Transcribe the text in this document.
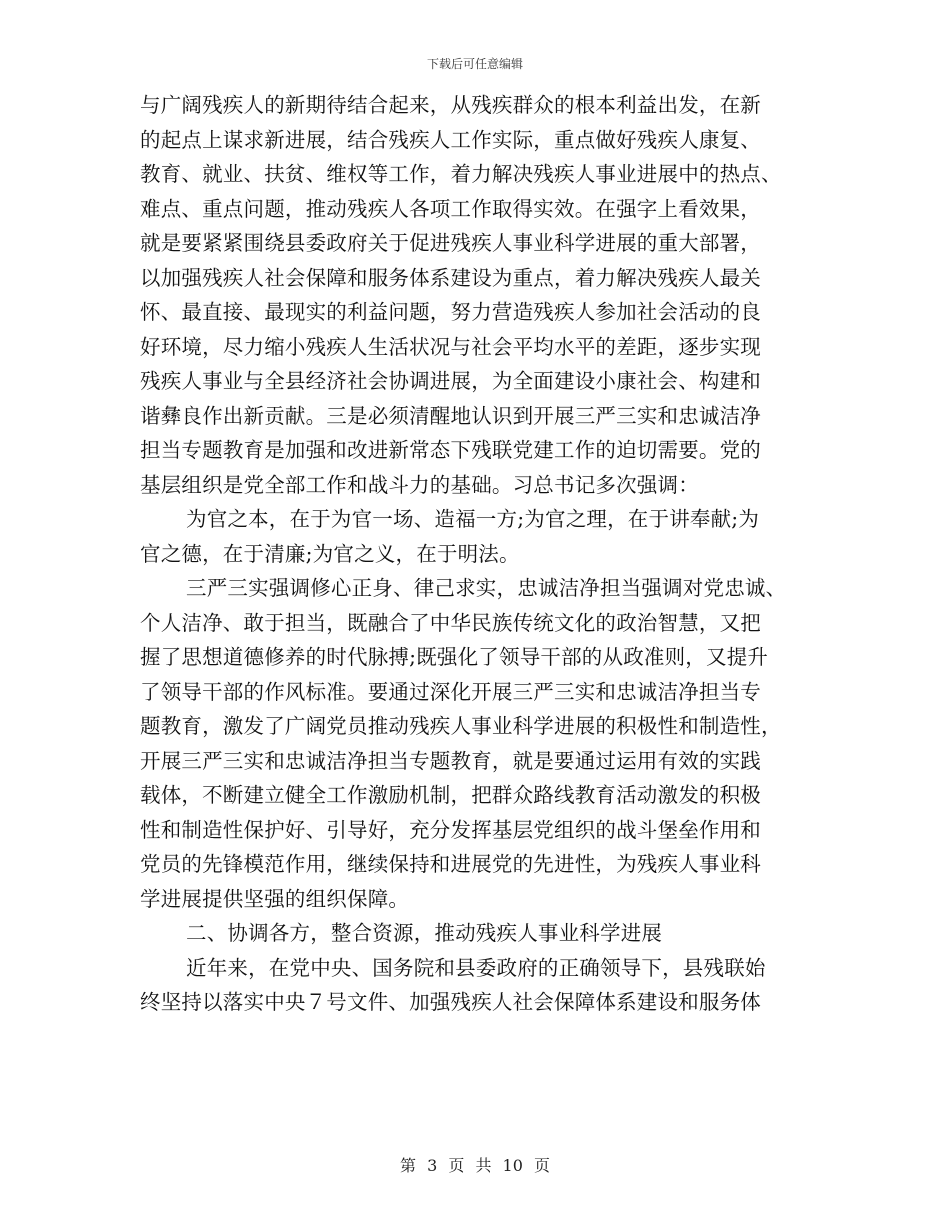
下载后可任意编辑

与广阔残疾人的新期待结合起来，从残疾群众的根本利益出发，在新
的起点上谋求新进展，结合残疾人工作实际，重点做好残疾人康复、
教育、就业、扶贫、维权等工作，着力解决残疾人事业进展中的热点、
难点、重点问题，推动残疾人各项工作取得实效。在强字上看效果，
就是要紧紧围绕县委政府关于促进残疾人事业科学进展的重大部署，
以加强残疾人社会保障和服务体系建设为重点，着力解决残疾人最关
怀、最直接、最现实的利益问题，努力营造残疾人参加社会活动的良
好环境，尽力缩小残疾人生活状况与社会平均水平的差距，逐步实现
残疾人事业与全县经济社会协调进展，为全面建设小康社会、构建和
谐彝良作出新贡献。三是必须清醒地认识到开展三严三实和忠诚洁净
担当专题教育是加强和改进新常态下残联党建工作的迫切需要。党的
基层组织是党全部工作和战斗力的基础。习总书记多次强调：
为官之本，在于为官一场、造福一方;为官之理，在于讲奉献;为
官之德，在于清廉;为官之义，在于明法。
三严三实强调修心正身、律己求实，忠诚洁净担当强调对党忠诚、
个人洁净、敢于担当，既融合了中华民族传统文化的政治智慧，又把
握了思想道德修养的时代脉搏;既强化了领导干部的从政准则，又提升
了领导干部的作风标准。要通过深化开展三严三实和忠诚洁净担当专
题教育，激发了广阔党员推动残疾人事业科学进展的积极性和制造性，
开展三严三实和忠诚洁净担当专题教育，就是要通过运用有效的实践
载体，不断建立健全工作激励机制，把群众路线教育活动激发的积极
性和制造性保护好、引导好，充分发挥基层党组织的战斗堡垒作用和
党员的先锋模范作用，继续保持和进展党的先进性，为残疾人事业科
学进展提供坚强的组织保障。
二、协调各方，整合资源，推动残疾人事业科学进展
近年来，在党中央、国务院和县委政府的正确领导下，县残联始
终坚持以落实中央７号文件、加强残疾人社会保障体系建设和服务体

第 3 页 共 10 页
